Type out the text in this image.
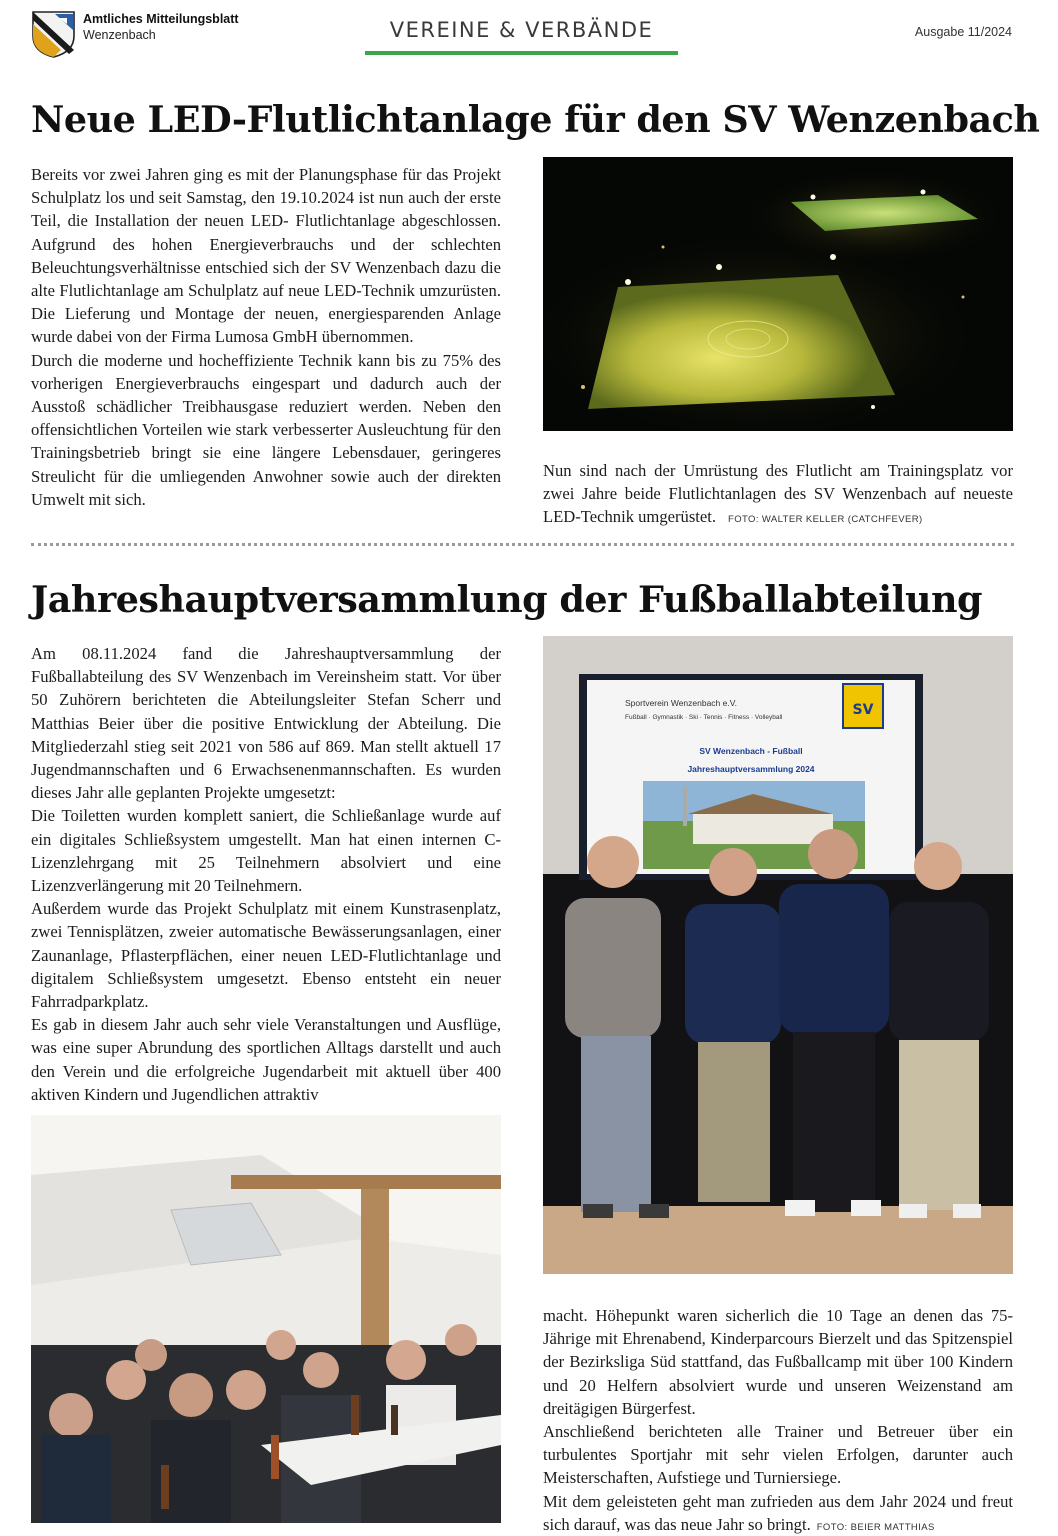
Amtliches Mitteilungsblatt
Wenzenbach	VEREINE & VERBÄNDE	Ausgabe 11/2024
Neue LED-Flutlichtanlage für den SV Wenzenbach

Bereits vor zwei Jahren ging es mit der Planungsphase für das Projekt Schulplatz los und seit Samstag, den 19.10.2024 ist nun auch der erste Teil, die Installation der neuen LED- Flutlichtanlage abgeschlossen. Aufgrund des hohen Energieverbrauchs und der schlechten Beleuchtungsverhältnisse entschied sich der SV Wenzenbach dazu die alte Flutlichtanlage am Schulplatz auf neue LED-Technik umzurüsten. Die Lieferung und Montage der neuen, energiesparenden Anlage wurde dabei von der Firma Lumosa GmbH übernommen.

Durch die moderne und hocheffiziente Technik kann bis zu 75% des vorherigen Energieverbrauchs eingespart und dadurch auch der Ausstoß schädlicher Treibhausgase reduziert werden. Neben den offensichtlichen Vorteilen wie stark verbesserter Ausleuchtung für den Trainingsbetrieb bringt sie eine längere Lebensdauer, geringeres Streulicht für die umliegenden Anwohner sowie auch der direkten Umwelt mit sich.

Nun sind nach der Umrüstung des Flutlicht am Trainingsplatz vor zwei Jahre beide Flutlichtanlagen des SV Wenzenbach auf neueste LED-Technik umgerüstet. FOTO: WALTER KELLER (CATCHFEVER)

Jahreshauptversammlung der Fußballabteilung

Am 08.11.2024 fand die Jahreshauptversammlung der Fußballabteilung des SV Wenzenbach im Vereinsheim statt. Vor über 50 Zuhörern berichteten die Abteilungsleiter Stefan Scherr und Matthias Beier über die positive Entwicklung der Abteilung. Die Mitgliederzahl stieg seit 2021 von 586 auf 869. Man stellt aktuell 17 Jugendmannschaften und 6 Erwachsenenmannschaften. Es wurden dieses Jahr alle geplanten Projekte umgesetzt:

Die Toiletten wurden komplett saniert, die Schließanlage wurde auf ein digitales Schließsystem umgestellt. Man hat einen internen C-Lizenzlehrgang mit 25 Teilnehmern absolviert und eine Lizenzverlängerung mit 20 Teilnehmern.

Außerdem wurde das Projekt Schulplatz mit einem Kunstrasenplatz, zwei Tennisplätzen, zweier automatische Bewässerungsanlagen, einer Zaunanlage, Pflasterpflächen, einer neuen LED-Flutlichtanlage und digitalem Schließsystem umgesetzt. Ebenso entsteht ein neuer Fahrradparkplatz.

Es gab in diesem Jahr auch sehr viele Veranstaltungen und Ausflüge, was eine super Abrundung des sportlichen Alltags darstellt und auch den Verein und die erfolgreiche Jugendarbeit mit aktuell über 400 aktiven Kindern und Jugendlichen attraktiv

Sportverein Wenzenbach e.V.
Fußball · Gymnastik · Ski · Tennis · Fitness · Volleyball	SV
SV Wenzenbach - Fußball
Jahreshauptversammlung 2024

macht. Höhepunkt waren sicherlich die 10 Tage an denen das 75-Jährige mit Ehrenabend, Kinderparcours Bierzelt und das Spitzenspiel der Bezirksliga Süd stattfand, das Fußballcamp mit über 100 Kindern und 20 Helfern absolviert wurde und unseren Weizenstand am dreitägigen Bürgerfest.

Anschließend berichteten alle Trainer und Betreuer über ein turbulentes Sportjahr mit sehr vielen Erfolgen, darunter auch Meisterschaften, Aufstiege und Turniersiege.

Mit dem geleisteten geht man zufrieden aus dem Jahr 2024 und freut sich darauf, was das neue Jahr so bringt. FOTO: BEIER MATTHIAS
